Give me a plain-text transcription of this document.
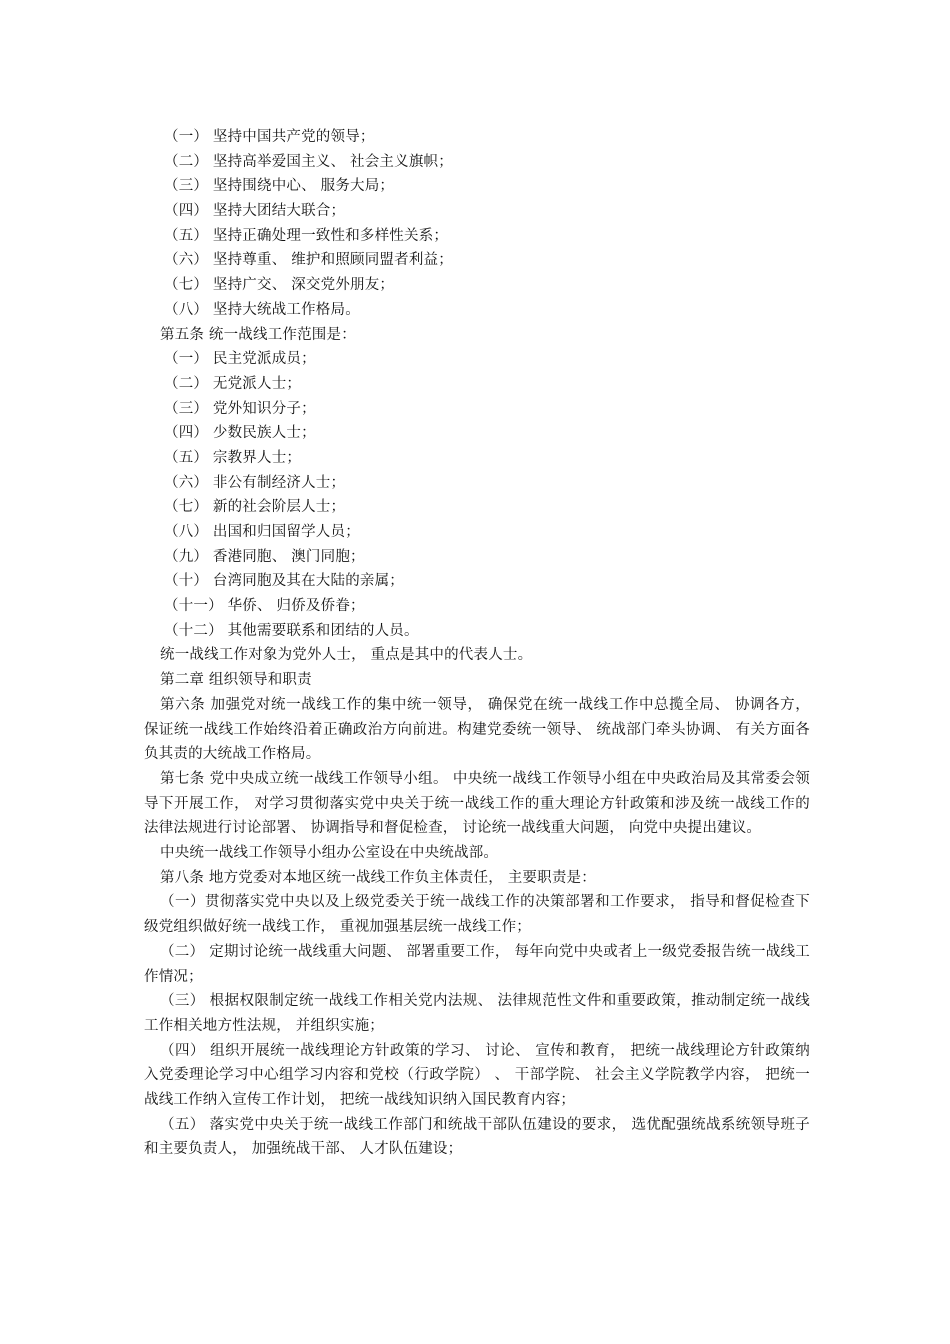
（一） 坚持中国共产党的领导；
（二） 坚持高举爱国主义、 社会主义旗帜；
（三） 坚持围绕中心、 服务大局；
（四） 坚持大团结大联合；
（五） 坚持正确处理一致性和多样性关系；
（六） 坚持尊重、 维护和照顾同盟者利益；
（七） 坚持广交、 深交党外朋友；
（八） 坚持大统战工作格局。
第五条 统一战线工作范围是：
（一） 民主党派成员；
（二） 无党派人士；
（三） 党外知识分子；
（四） 少数民族人士；
（五） 宗教界人士；
（六） 非公有制经济人士；
（七） 新的社会阶层人士；
（八） 出国和归国留学人员；
（九） 香港同胞、 澳门同胞；
（十） 台湾同胞及其在大陆的亲属；
（十一） 华侨、 归侨及侨眷；
（十二） 其他需要联系和团结的人员。
统一战线工作对象为党外人士， 重点是其中的代表人士。
第二章 组织领导和职责

第六条 加强党对统一战线工作的集中统一领导， 确保党在统一战线工作中总揽全局、 协调各方， 保证统一战线工作始终沿着正确政治方向前进。构建党委统一领导、 统战部门牵头协调、 有关方面各负其责的大统战工作格局。

第七条 党中央成立统一战线工作领导小组。 中央统一战线工作领导小组在中央政治局及其常委会领导下开展工作， 对学习贯彻落实党中央关于统一战线工作的重大理论方针政策和涉及统一战线工作的法律法规进行讨论部署、 协调指导和督促检查， 讨论统一战线重大问题， 向党中央提出建议。

中央统一战线工作领导小组办公室设在中央统战部。

第八条 地方党委对本地区统一战线工作负主体责任， 主要职责是：

（一）贯彻落实党中央以及上级党委关于统一战线工作的决策部署和工作要求， 指导和督促检查下级党组织做好统一战线工作， 重视加强基层统一战线工作；

（二） 定期讨论统一战线重大问题、 部署重要工作， 每年向党中央或者上一级党委报告统一战线工作情况；

（三） 根据权限制定统一战线工作相关党内法规、 法律规范性文件和重要政策，推动制定统一战线工作相关地方性法规， 并组织实施；

（四） 组织开展统一战线理论方针政策的学习、 讨论、 宣传和教育， 把统一战线理论方针政策纳入党委理论学习中心组学习内容和党校（行政学院） 、 干部学院、 社会主义学院教学内容， 把统一战线工作纳入宣传工作计划， 把统一战线知识纳入国民教育内容；

（五） 落实党中央关于统一战线工作部门和统战干部队伍建设的要求， 选优配强统战系统领导班子和主要负责人， 加强统战干部、 人才队伍建设；
